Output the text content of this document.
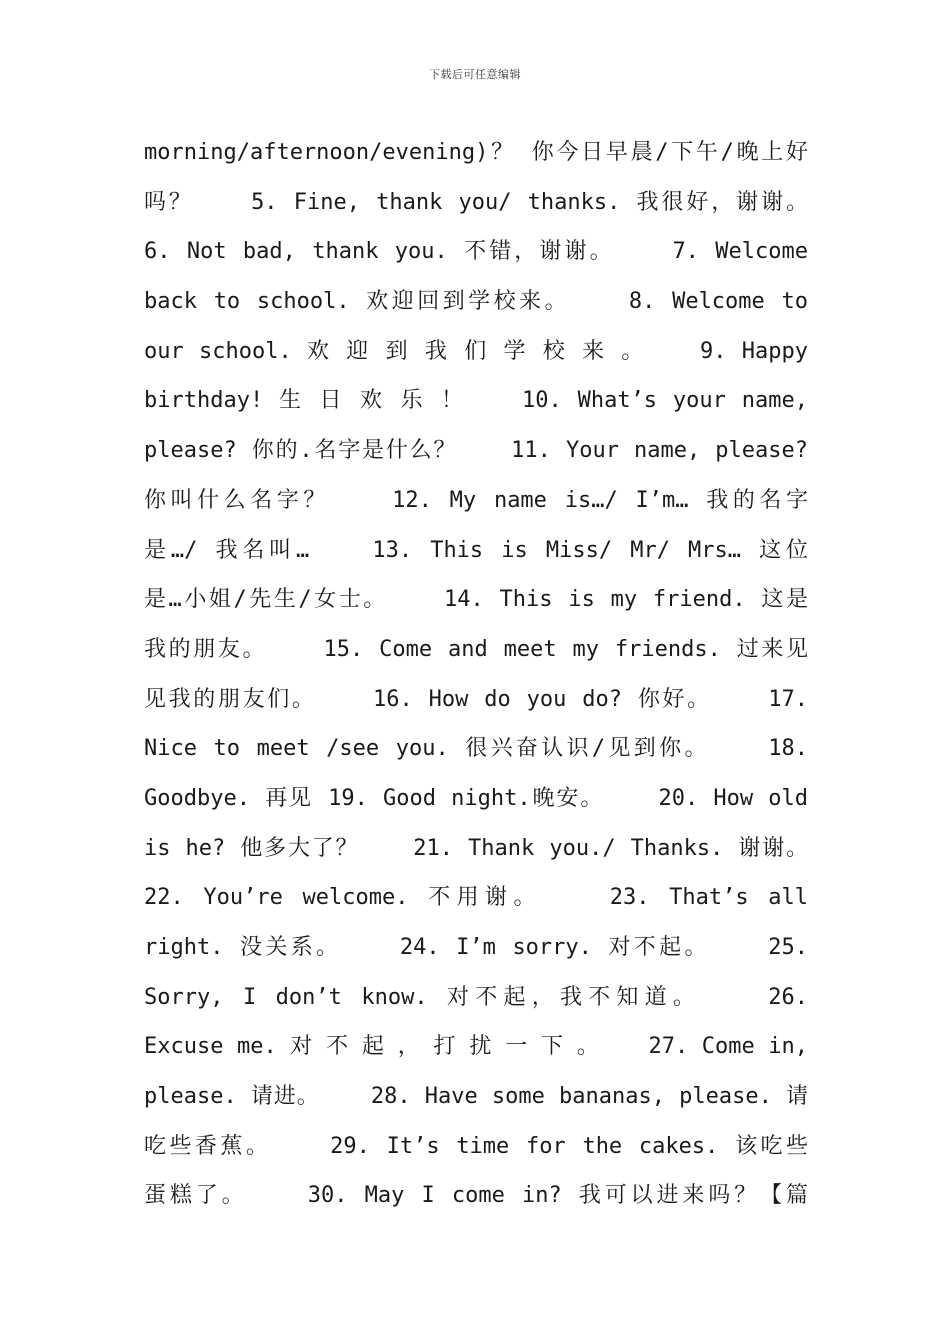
下载后可任意编辑
morning/afternoon/evening)？ 你今日早晨/下午/晚上好
吗？ 　 5. Fine, thank you/ thanks. 我很好，谢谢。
6. Not bad, thank you. 不错，谢谢。 　 7. Welcome
back to school. 欢迎回到学校来。 　 8. Welcome to
our school. 欢 迎 到 我 们 学 校 来 。 　 9. Happy
birthday! 生 日 欢 乐 ！ 　 10. What’s your name,
please? 你的.名字是什么？ 　 11. Your name, please?
你叫什么名字？ 　 12. My name is…/ I’m… 我的名字
是…/ 我名叫… 　 13. This is Miss/ Mr/ Mrs… 这位
是…小姐/先生/女士。 　 14. This is my friend. 这是
我的朋友。 　 15. Come and meet my friends. 过来见
见我的朋友们。 　 16. How do you do? 你好。 　 17.
Nice to meet /see you. 很兴奋认识/见到你。 　 18.
Goodbye. 再见 19. Good night.晚安。 　 20. How old
is he? 他多大了？ 　 21. Thank you./ Thanks. 谢谢。
22. You’re welcome. 不用谢。 　 23. That’s all
right. 没关系。 　 24. I’m sorry. 对不起。 　 25.
Sorry, I don’t know. 对不起，我不知道。 　 26.
Excuse me. 对 不 起 ， 打 扰 一 下 。 　 27. Come in,
please. 请进。 　 28. Have some bananas, please. 请
吃些香蕉。 　 29. It’s time for the cakes. 该吃些
蛋糕了。 　 30. May I come in? 我可以进来吗？【篇
